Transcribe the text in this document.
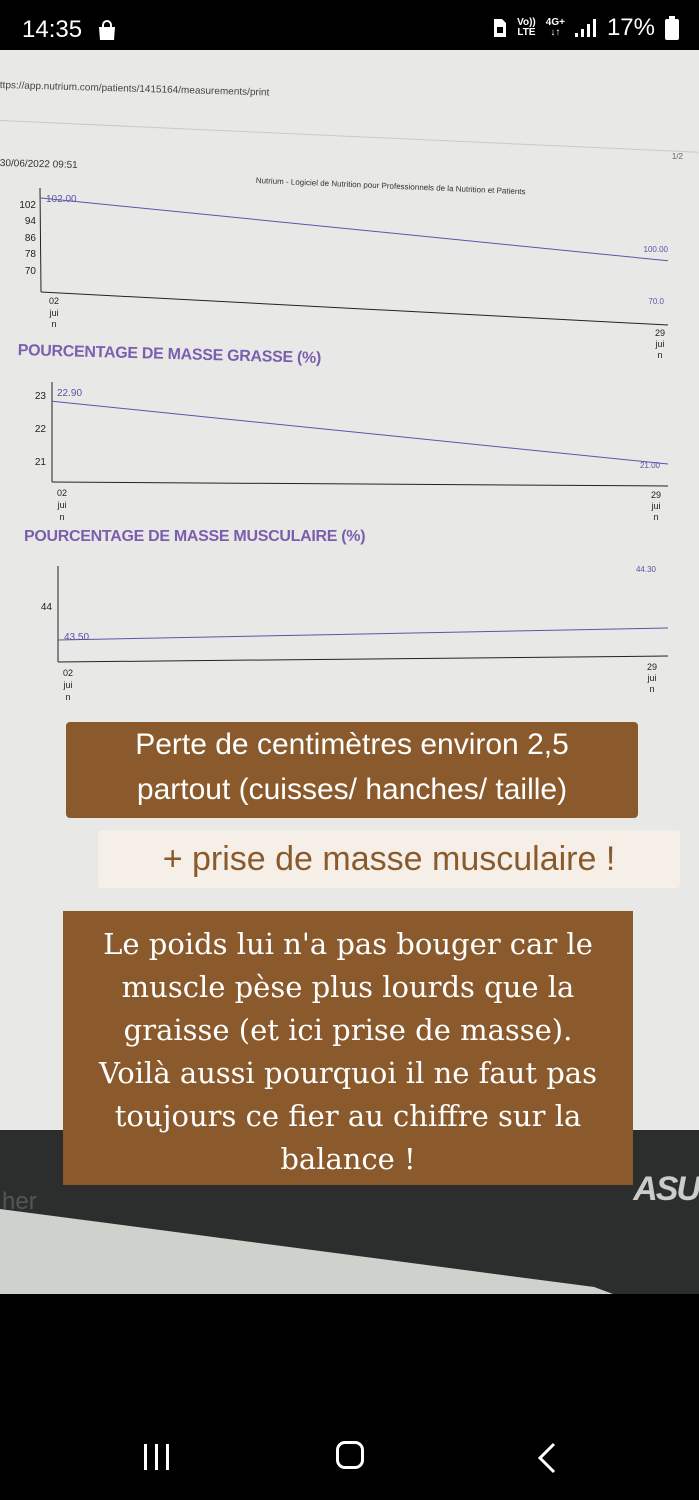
14:35	Vo))
LTE
4G+
↓↑ 17%
ttps://app.nutrium.com/patients/1415164/measurements/print
30/06/2022 09:51
1/2
Nutrium - Logiciel de Nutrition pour Professionnels de la Nutrition et Patients
102
94
86
78
70
102.00
100.00
70.0
02
jui
n
29
jui
n
POURCENTAGE DE MASSE GRASSE (%)
23
22
21
22.90
21.00
02
jui
n
29
jui
n
POURCENTAGE DE MASSE MUSCULAIRE (%)
44
43.50
44.30
02
jui
n
29
jui
n
her	ASU
Perte de centimètres environ 2,5
partout (cuisses/ hanches/ taille)
+ prise de masse musculaire !
Le poids lui n'a pas bouger car le
muscle pèse plus lourds que la
graisse (et ici prise de masse).
Voilà aussi pourquoi il ne faut pas
toujours ce fier au chiffre sur la
balance !
